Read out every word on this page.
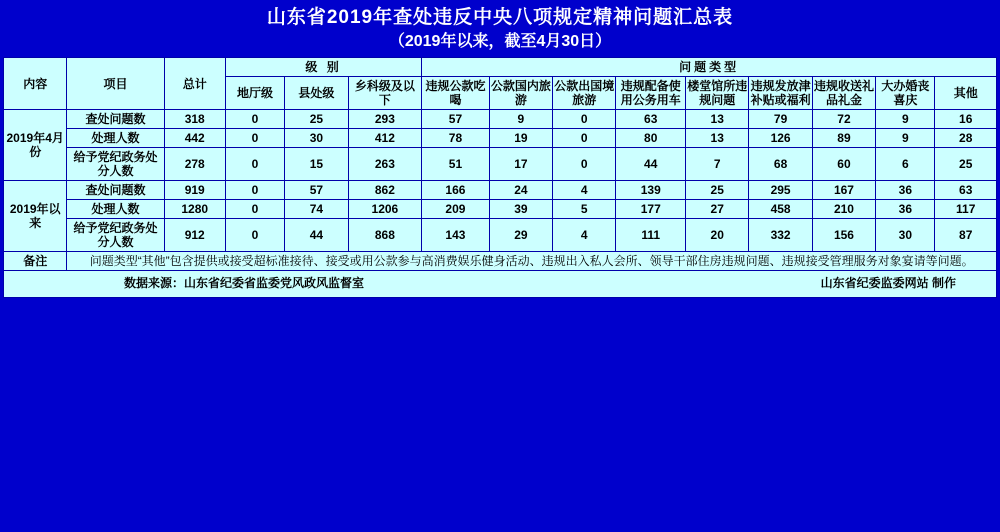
山东省2019年查处违反中央八项规定精神问题汇总表
（2019年以来，截至4月30日）
内容	项目	总计	级 别			问题类型								
			地厅级	县处级	乡科级及以下	违规公款吃喝	公款国内旅游	公款出国境旅游	违规配备使用公务用车	楼堂馆所违规问题	违规发放津补贴或福利	违规收送礼品礼金	大办婚丧喜庆	其他
2019年4月份	查处问题数	318	0	25	293	57	9	0	63	13	79	72	9	16
	处理人数	442	0	30	412	78	19	0	80	13	126	89	9	28
	给予党纪政务处分人数	278	0	15	263	51	17	0	44	7	68	60	6	25
2019年以来	查处问题数	919	0	57	862	166	24	4	139	25	295	167	36	63
	处理人数	1280	0	74	1206	209	39	5	177	27	458	210	36	117
	给予党纪政务处分人数	912	0	44	868	143	29	4	111	20	332	156	30	87
备注	问题类型“其他”包含提供或接受超标准接待、接受或用公款参与高消费娱乐健身活动、违规出入私人会所、领导干部住房违规问题、违规接受管理服务对象宴请等问题。													

数据来源：山东省纪委省监委党风政风监督室 山东省纪委监委网站 制作														
